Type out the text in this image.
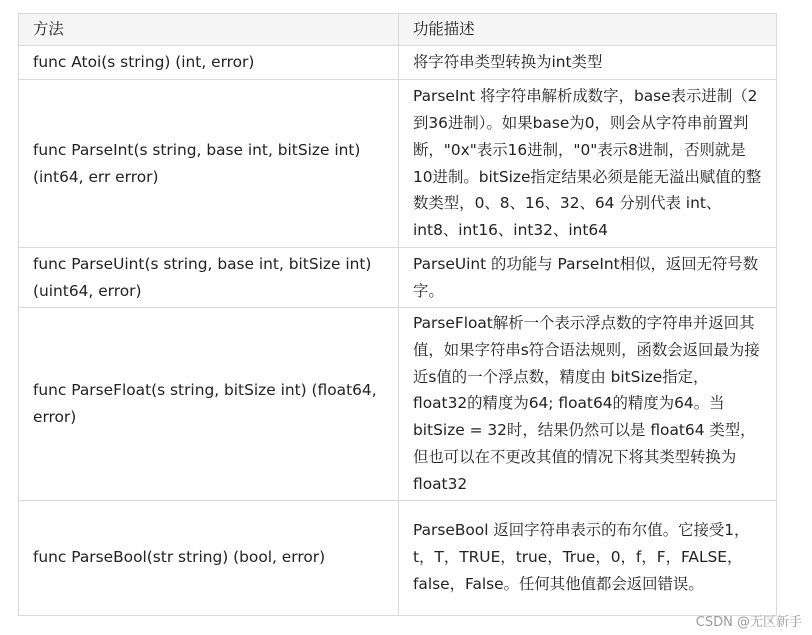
方法	功能描述
func Atoi(s string) (int, error)	将字符串类型转换为int类型
func ParseInt(s string, base int, bitSize int) (int64, err error)	ParseInt 将字符串解析成数字，base表示进制（2到36进制）。如果base为0，则会从字符串前置判断，"0x"表示16进制，"0"表示8进制，否则就是10进制。bitSize指定结果必须是能无溢出赋值的整数类型，0、8、16、32、64 分别代表 int、int8、int16、int32、int64
func ParseUint(s string, base int, bitSize int) (uint64, error)	ParseUint 的功能与 ParseInt相似，返回无符号数字。
func ParseFloat(s string, bitSize int) (float64, error)	ParseFloat解析一个表示浮点数的字符串并返回其值，如果字符串s符合语法规则，函数会返回最为接近s值的一个浮点数，精度由 bitSize指定，float32的精度为64; float64的精度为64。当 bitSize = 32时，结果仍然可以是 float64 类型，但也可以在不更改其值的情况下将其类型转换为 float32
func ParseBool(str string) (bool, error)	ParseBool 返回字符串表示的布尔值。它接受1，t，T，TRUE，true，True，0，f，F，FALSE，false，False。任何其他值都会返回错误。
CSDN @无区新手
